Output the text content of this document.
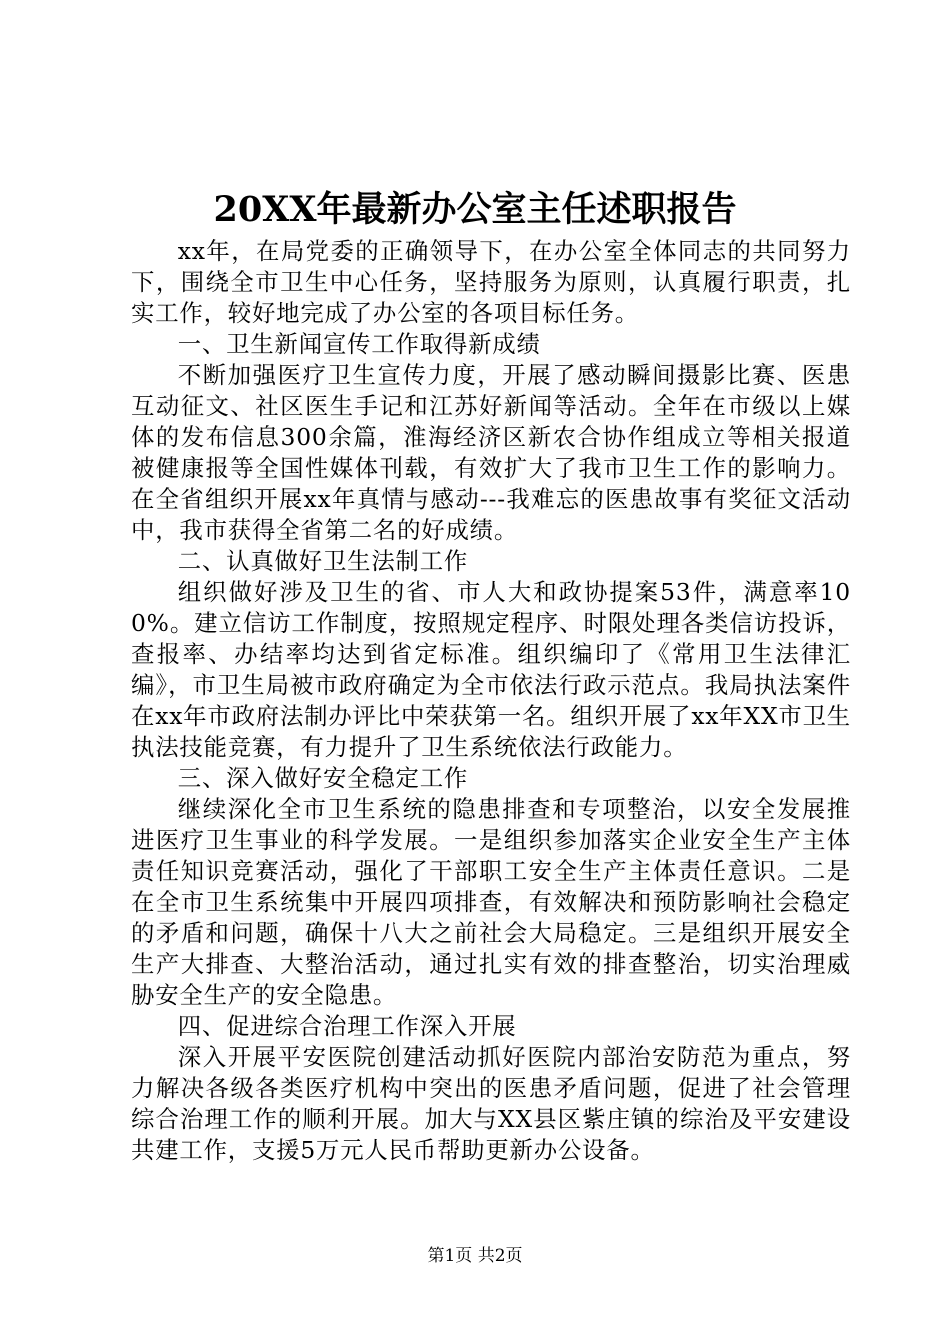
20XX年最新办公室主任述职报告

xx年，在局党委的正确领导下，在办公室全体同志的共同努力下，围绕全市卫生中心任务，坚持服务为原则，认真履行职责，扎实工作，较好地完成了办公室的各项目标任务。

一、卫生新闻宣传工作取得新成绩

不断加强医疗卫生宣传力度，开展了感动瞬间摄影比赛、医患互动征文、社区医生手记和江苏好新闻等活动。全年在市级以上媒体的发布信息300余篇，淮海经济区新农合协作组成立等相关报道被健康报等全国性媒体刊载，有效扩大了我市卫生工作的影响力。在全省组织开展xx年真情与感动---我难忘的医患故事有奖征文活动中，我市获得全省第二名的好成绩。

二、认真做好卫生法制工作

组织做好涉及卫生的省、市人大和政协提案53件，满意率100%。建立信访工作制度，按照规定程序、时限处理各类信访投诉，查报率、办结率均达到省定标准。组织编印了《常用卫生法律汇编》，市卫生局被市政府确定为全市依法行政示范点。我局执法案件在xx年市政府法制办评比中荣获第一名。组织开展了xx年XX市卫生执法技能竞赛，有力提升了卫生系统依法行政能力。

三、深入做好安全稳定工作

继续深化全市卫生系统的隐患排查和专项整治，以安全发展推进医疗卫生事业的科学发展。一是组织参加落实企业安全生产主体责任知识竞赛活动，强化了干部职工安全生产主体责任意识。二是在全市卫生系统集中开展四项排查，有效解决和预防影响社会稳定的矛盾和问题，确保十八大之前社会大局稳定。三是组织开展安全生产大排查、大整治活动，通过扎实有效的排查整治，切实治理威胁安全生产的安全隐患。

四、促进综合治理工作深入开展

深入开展平安医院创建活动抓好医院内部治安防范为重点，努力解决各级各类医疗机构中突出的医患矛盾问题，促进了社会管理综合治理工作的顺利开展。加大与XX县区紫庄镇的综治及平安建设共建工作，支援5万元人民币帮助更新办公设备。

第1页 共2页
